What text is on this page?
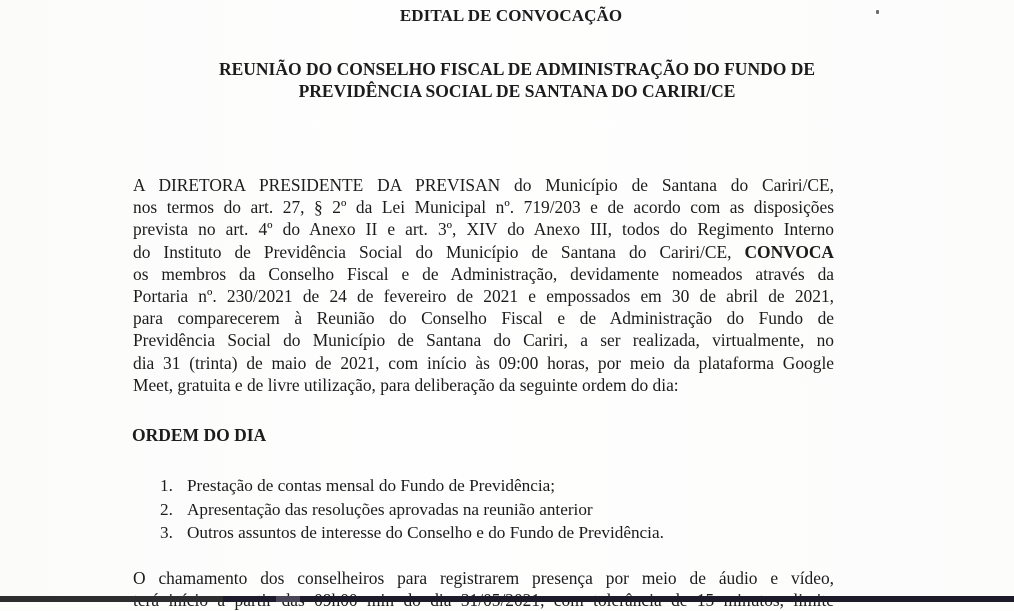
EDITAL DE CONVOCAÇÃO
REUNIÃO DO CONSELHO FISCAL DE ADMINISTRAÇÃO DO FUNDO DE
PREVIDÊNCIA SOCIAL DE SANTANA DO CARIRI/CE

A DIRETORA PRESIDENTE DA PREVISAN do Município de Santana do Cariri/CE,
nos termos do art. 27, § 2º da Lei Municipal nº. 719/203 e de acordo com as disposições
prevista no art. 4º do Anexo II e art. 3º, XIV do Anexo III, todos do Regimento Interno
do Instituto de Previdência Social do Município de Santana do Cariri/CE, CONVOCA
os membros da Conselho Fiscal e de Administração, devidamente nomeados através da
Portaria nº. 230/2021 de 24 de fevereiro de 2021 e empossados em 30 de abril de 2021,
para comparecerem à Reunião do Conselho Fiscal e de Administração do Fundo de
Previdência Social do Município de Santana do Cariri, a ser realizada, virtualmente, no
dia 31 (trinta) de maio de 2021, com início às 09:00 horas, por meio da plataforma Google
Meet, gratuita e de livre utilização, para deliberação da seguinte ordem do dia:

ORDEM DO DIA
1. Prestação de contas mensal do Fundo de Previdência;
2. Apresentação das resoluções aprovadas na reunião anterior
3. Outros assuntos de interesse do Conselho e do Fundo de Previdência.

O chamamento dos conselheiros para registrarem presença por meio de áudio e vídeo,
